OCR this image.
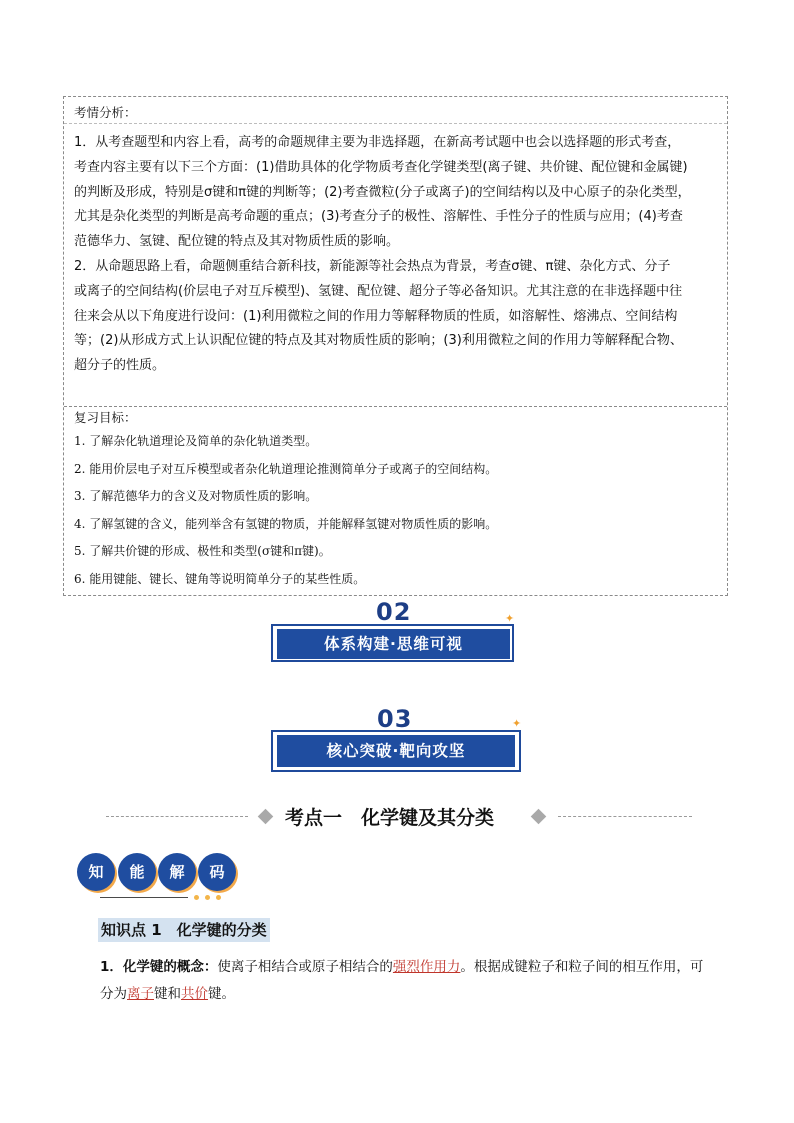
考情分析：
1．从考查题型和内容上看，高考的命题规律主要为非选择题，在新高考试题中也会以选择题的形式考查，
考查内容主要有以下三个方面：(1)借助具体的化学物质考查化学键类型(离子键、共价键、配位键和金属键)
的判断及形成，特别是σ键和π键的判断等；(2)考查微粒(分子或离子)的空间结构以及中心原子的杂化类型，
尤其是杂化类型的判断是高考命题的重点；(3)考查分子的极性、溶解性、手性分子的性质与应用；(4)考查
范德华力、氢键、配位键的特点及其对物质性质的影响。
2．从命题思路上看，命题侧重结合新科技，新能源等社会热点为背景，考查σ键、π键、杂化方式、分子
或离子的空间结构(价层电子对互斥模型)、氢键、配位键、超分子等必备知识。尤其注意的在非选择题中往
往来会从以下角度进行设问：(1)利用微粒之间的作用力等解释物质的性质，如溶解性、熔沸点、空间结构
等；(2)从形成方式上认识配位键的特点及其对物质性质的影响；(3)利用微粒之间的作用力等解释配合物、
超分子的性质。
复习目标：
1. 了解杂化轨道理论及简单的杂化轨道类型。
2. 能用价层电子对互斥模型或者杂化轨道理论推测简单分子或离子的空间结构。
3. 了解范德华力的含义及对物质性质的影响。
4. 了解氢键的含义，能列举含有氢键的物质，并能解释氢键对物质性质的影响。
5. 了解共价键的形成、极性和类型(σ键和π键)。
6. 能用键能、键长、键角等说明简单分子的某些性质。
02	✦
体系构建·思维可视
03	✦
核心突破·靶向攻坚
考点一　化学键及其分类
知	能	解	码
知识点 1　化学键的分类
1．化学键的概念：使离子相结合或原子相结合的强烈作用力。根据成键粒子和粒子间的相互作用，可
分为离子键和共价键。
